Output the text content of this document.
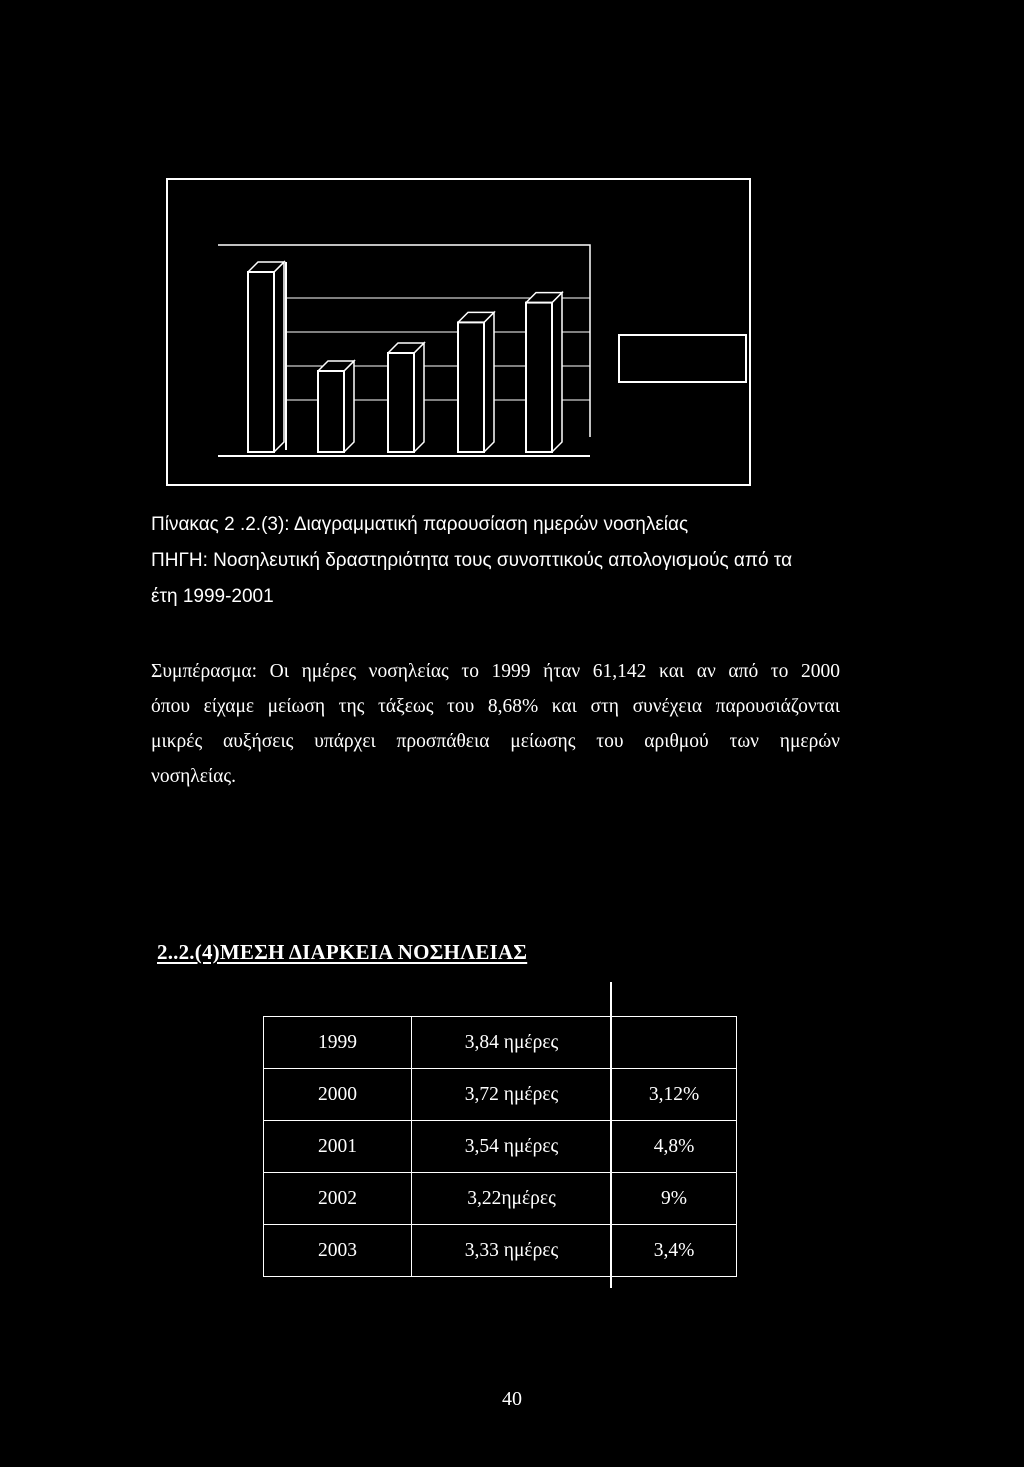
Πίνακας 2 .2.(3): Διαγραμματική παρουσίαση ημερών νοσηλείας

ΠΗΓΗ: Νοσηλευτική δραστηριότητα τους συνοπτικούς απολογισμούς από τα

έτη 1999-2001

Συμπέρασμα: Οι ημέρες νοσηλείας το 1999 ήταν 61,142 και αν από το 2000

όπου είχαμε μείωση της τάξεως του 8,68% και στη συνέχεια παρουσιάζονται

μικρές αυξήσεις υπάρχει προσπάθεια μείωσης του αριθμού των ημερών

νοσηλείας.

2..2.(4)ΜΕΣΗ ΔΙΑΡΚΕΙΑ ΝΟΣΗΛΕΙΑΣ
1999	3,84 ημέρες	
2000	3,72 ημέρες	3,12%
2001	3,54 ημέρες	4,8%
2002	3,22ημέρες	9%
2003	3,33 ημέρες	3,4%
40
